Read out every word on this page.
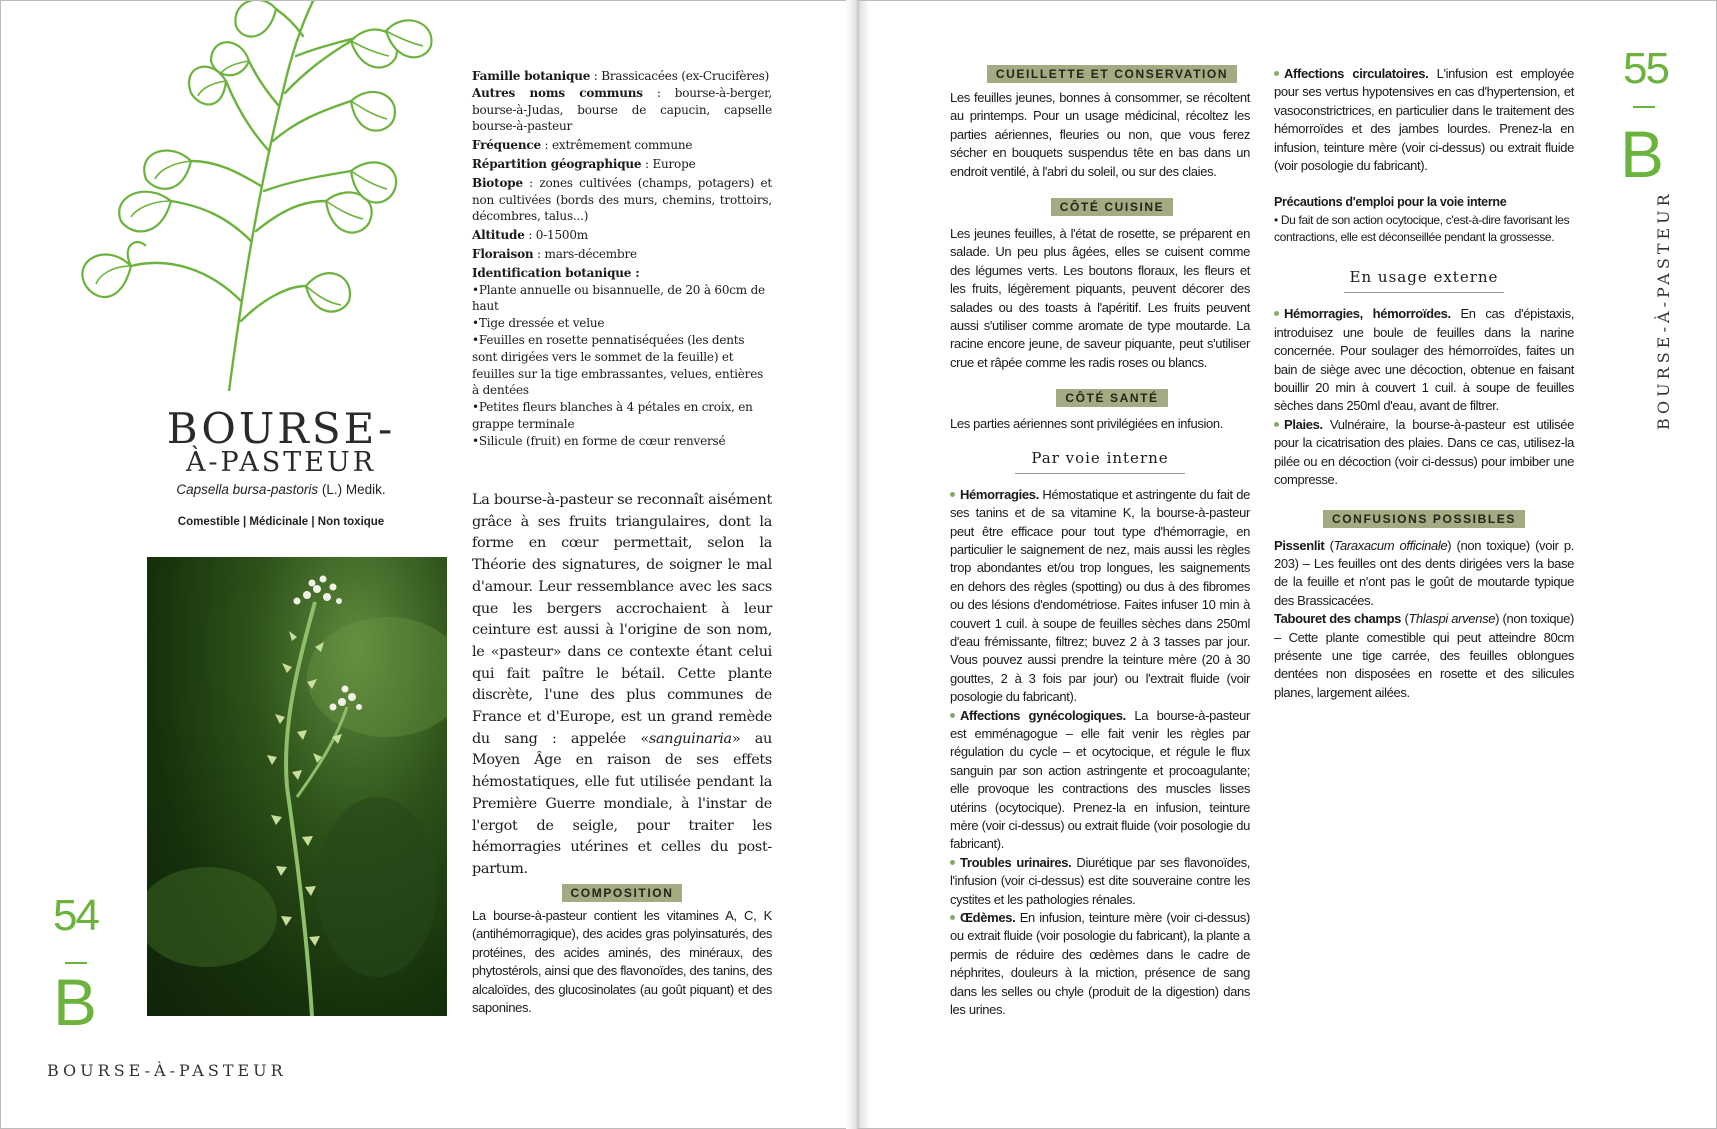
Famille botanique : Brassicacées (ex-Crucifères)

Autres noms communs : bourse-à-berger, bourse-à-Judas, bourse de capucin, capselle bourse-à-pasteur

Fréquence : extrêmement commune

Répartition géographique : Europe

Biotope : zones cultivées (champs, potagers) et non cultivées (bords des murs, chemins, trottoirs, décombres, talus...)

Altitude : 0-1500m

Floraison : mars-décembre

Identification botanique :

•Plante annuelle ou bisannuelle, de 20 à 60cm de haut

•Tige dressée et velue

•Feuilles en rosette pennatiséquées (les dents sont dirigées vers le sommet de la feuille) et feuilles sur la tige embrassantes, velues, entières à dentées

•Petites fleurs blanches à 4 pétales en croix, en grappe terminale

•Silicule (fruit) en forme de cœur renversé

BOURSE-
À-PASTEUR
Capsella bursa-pastoris (L.) Medik.
Comestible | Médicinale | Non toxique
La bourse-à-pasteur se reconnaît aisément grâce à ses fruits triangulaires, dont la forme en cœur permettait, selon la Théorie des signatures, de soigner le mal d'amour. Leur ressemblance avec les sacs que les bergers accrochaient à leur ceinture est aussi à l'origine de son nom, le «pasteur» dans ce contexte étant celui qui fait paître le bétail. Cette plante discrète, l'une des plus communes de France et d'Europe, est un grand remède du sang : appelée «sanguinaria» au Moyen Âge en raison de ses effets hémostatiques, elle fut utilisée pendant la Première Guerre mondiale, à l'instar de l'ergot de seigle, pour traiter les hémorragies utérines et celles du post-partum.
COMPOSITION
La bourse-à-pasteur contient les vitamines A, C, K (antihémorragique), des acides gras polyinsaturés, des protéines, des acides aminés, des minéraux, des phytostérols, ainsi que des flavonoïdes, des tanins, des alcaloïdes, des glucosinolates (au goût piquant) et des saponines.
54
B
BOURSE-À-PASTEUR
CUEILLETTE ET CONSERVATION

Les feuilles jeunes, bonnes à consommer, se récoltent au printemps. Pour un usage médicinal, récoltez les parties aériennes, fleuries ou non, que vous ferez sécher en bouquets suspendus tête en bas dans un endroit ventilé, à l'abri du soleil, ou sur des claies.

CÔTÉ CUISINE

Les jeunes feuilles, à l'état de rosette, se préparent en salade. Un peu plus âgées, elles se cuisent comme des légumes verts. Les boutons floraux, les fleurs et les fruits, légèrement piquants, peuvent décorer des salades ou des toasts à l'apéritif. Les fruits peuvent aussi s'utiliser comme aromate de type moutarde. La racine encore jeune, de saveur piquante, peut s'utiliser crue et râpée comme les radis roses ou blancs.

CÔTÉ SANTÉ

Les parties aériennes sont privilégiées en infusion.

Par voie interne

Hémorragies. Hémostatique et astringente du fait de ses tanins et de sa vitamine K, la bourse-à-pasteur peut être efficace pour tout type d'hémorragie, en particulier le saignement de nez, mais aussi les règles trop abondantes et/ou trop longues, les saignements en dehors des règles (spotting) ou dus à des fibromes ou des lésions d'endométriose. Faites infuser 10 min à couvert 1 cuil. à soupe de feuilles sèches dans 250ml d'eau frémissante, filtrez; buvez 2 à 3 tasses par jour. Vous pouvez aussi prendre la teinture mère (20 à 30 gouttes, 2 à 3 fois par jour) ou l'extrait fluide (voir posologie du fabricant).

Affections gynécologiques. La bourse-à-pasteur est emménagogue – elle fait venir les règles par régulation du cycle – et ocytocique, et régule le flux sanguin par son action astringente et procoagulante; elle provoque les contractions des muscles lisses utérins (ocytocique). Prenez-la en infusion, teinture mère (voir ci-dessus) ou extrait fluide (voir posologie du fabricant).

Troubles urinaires. Diurétique par ses flavonoïdes, l'infusion (voir ci-dessus) est dite souveraine contre les cystites et les pathologies rénales.

Œdèmes. En infusion, teinture mère (voir ci-dessus) ou extrait fluide (voir posologie du fabricant), la plante a permis de réduire des œdèmes dans le cadre de néphrites, douleurs à la miction, présence de sang dans les selles ou chyle (produit de la digestion) dans les urines.

Affections circulatoires. L'infusion est employée pour ses vertus hypotensives en cas d'hypertension, et vasoconstrictrices, en particulier dans le traitement des hémorroïdes et des jambes lourdes. Prenez-la en infusion, teinture mère (voir ci-dessus) ou extrait fluide (voir posologie du fabricant).

Précautions d'emploi pour la voie interne

• Du fait de son action ocytocique, c'est-à-dire favorisant les contractions, elle est déconseillée pendant la grossesse.

En usage externe

Hémorragies, hémorroïdes. En cas d'épistaxis, introduisez une boule de feuilles dans la narine concernée. Pour soulager des hémorroïdes, faites un bain de siège avec une décoction, obtenue en faisant bouillir 20 min à couvert 1 cuil. à soupe de feuilles sèches dans 250ml d'eau, avant de filtrer.

Plaies. Vulnéraire, la bourse-à-pasteur est utilisée pour la cicatrisation des plaies. Dans ce cas, utilisez-la pilée ou en décoction (voir ci-dessus) pour imbiber une compresse.

CONFUSIONS POSSIBLES

Pissenlit (Taraxacum officinale) (non toxique) (voir p. 203) – Les feuilles ont des dents dirigées vers la base de la feuille et n'ont pas le goût de moutarde typique des Brassicacées.

Tabouret des champs (Thlaspi arvense) (non toxique) – Cette plante comestible qui peut atteindre 80cm présente une tige carrée, des feuilles oblongues dentées non disposées en rosette et des silicules planes, largement ailées.

55
B
BOURSE-À-PASTEUR
